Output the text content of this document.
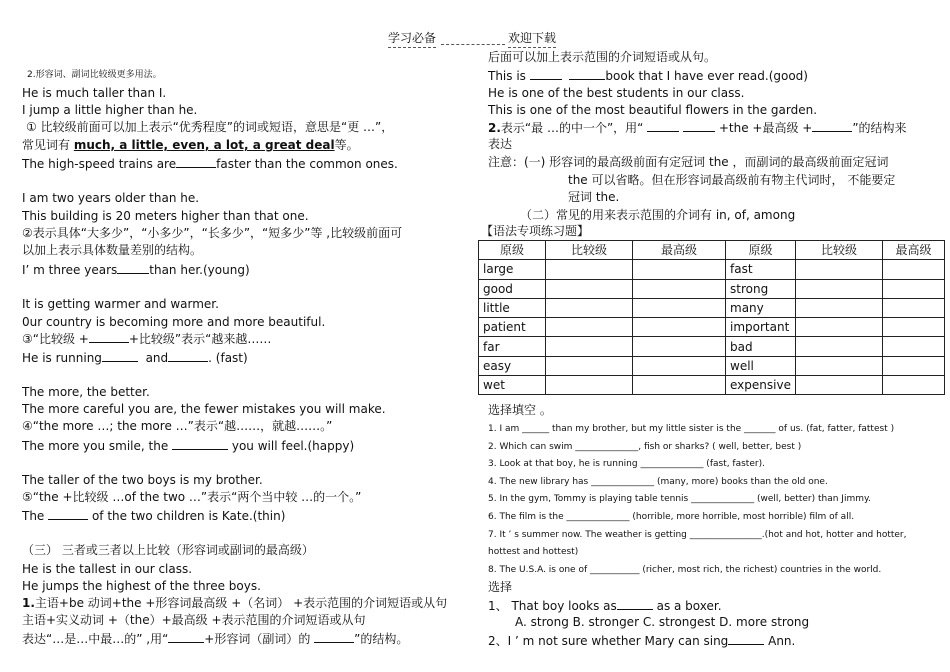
学习必备	欢迎下载
2.形容词、副词比较级更多用法。
He is much taller than I.
I jump a little higher than he.
① 比较级前面可以加上表示“优秀程度”的词或短语，意思是“更 …”，
常见词有 much, a little, even, a lot, a great deal等。
The high-speed trains are	faster than the common ones.
I am two years older than he.
This building is 20 meters higher than that one.
②表示具体“大多少”，“小多少”，“长多少”，“短多少”等 ,比较级前面可
以加上表示具体数量差别的结构。
I’ m three years	than her.(young)
It is getting warmer and warmer.
0ur country is becoming more and more beautiful.
③“比较级 +	+比较级”表示“越来越……
He is running	and	. (fast)
The more, the better.
The more careful you are, the fewer mistakes you will make.
④“the more …; the more …”表示“越……，就越……。”
The more you smile, the	you will feel.(happy)
The taller of the two boys is my brother.
⑤“the +比较级 …of the two …”表示“两个当中较 …的一个。”
The	of the two children is Kate.(thin)
（三） 三者或三者以上比较（形容词或副词的最高级）
He is the tallest in our class.
He jumps the highest of the three boys.
1.主语+be 动词+the +形容词最高级 +（名词） +表示范围的介词短语或从句
主语+实义动词 +（the）+最高级 +表示范围的介词短语或从句
表达“…是…中最…的” ,用“	+形容词（副词）的	”的结构。
后面可以加上表示范围的介词短语或从句。
This is	book that I have ever read.(good)
He is one of the best students in our class.
This is one of the most beautiful flowers in the garden.
2.表示“最 …的中一个”，用“	+the +最高级 +	”的结构来
表达
注意：(一) 形容词的最高级前面有定冠词 the ，而副词的最高级前面定冠词
the 可以省略。但在形容词最高级前有物主代词时， 不能要定
冠词 the.
（二）常见的用来表示范围的介词有 in, of, among
【语法专项练习题】
原级	比较级	最高级	原级	比较级	最高级
large			fast		
good			strong		
little			many		
patient			important		
far			bad		
easy			well		
wet			expensive		
选择填空 。
1. I am ______ than my brother, but my little sister is the _______ of us. (fat, fatter, fattest )
2. Which can swim ______________, fish or sharks? ( well, better, best )
3. Look at that boy, he is running ______________ (fast, faster).
4. The new library has ______________ (many, more) books than the old one.
5. In the gym, Tommy is playing table tennis ______________ (well, better) than Jimmy.
6. The film is the ______________ (horrible, more horrible, most horrible) film of all.
7. It ’ s summer now. The weather is getting ________________.(hot and hot, hotter and hotter,
hottest and hottest)
8. The U.S.A. is one of ___________ (richer, most rich, the richest) countries in the world.
选择
1、 That boy looks as	as a boxer.
A. strong B. stronger C. strongest D. more strong
2、I ’ m not sure whether Mary can sing	Ann.
